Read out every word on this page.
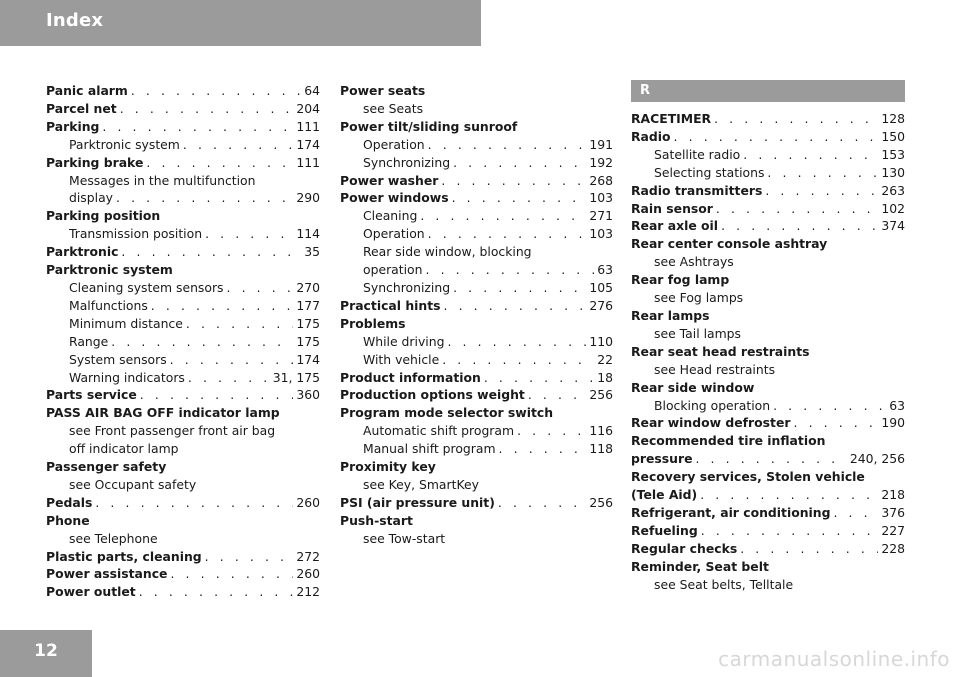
Index
Panic alarm . . .	64
Parcel net . . .	204
Parking . . .	111
Parktronic system . . .	174
Parking brake . . .	111
Messages in the multifunction
display . . .	290
Parking position
Transmission position . . .	114
Parktronic . . .	35
Parktronic system
Cleaning system sensors . . .	270
Malfunctions . . .	177
Minimum distance . . .	175
Range . . .	175
System sensors . . .	174
Warning indicators . . .	31, 175
Parts service . . .	360
PASS AIR BAG OFF indicator lamp
see Front passenger front air bag
off indicator lamp
Passenger safety
see Occupant safety
Pedals . . .	260
Phone
see Telephone
Plastic parts, cleaning . . .	272
Power assistance . . .	260
Power outlet . . .	212
Power seats
see Seats
Power tilt/sliding sunroof
Operation . . .	191
Synchronizing . . .	192
Power washer . . .	268
Power windows . . .	103
Cleaning . . .	271
Operation . . .	103
Rear side window, blocking
operation . . .	63
Synchronizing . . .	105
Practical hints . . .	276
Problems
While driving . . .	110
With vehicle . . .	22
Product information . . .	18
Production options weight . . .	256
Program mode selector switch
Automatic shift program . . .	116
Manual shift program . . .	118
Proximity key
see Key, SmartKey
PSI (air pressure unit) . . .	256
Push-start
see Tow-start
R
RACETIMER . . .	128
Radio . . .	150
Satellite radio . . .	153
Selecting stations . . .	130
Radio transmitters . . .	263
Rain sensor . . .	102
Rear axle oil . . .	374
Rear center console ashtray
see Ashtrays
Rear fog lamp
see Fog lamps
Rear lamps
see Tail lamps
Rear seat head restraints
see Head restraints
Rear side window
Blocking operation . . .	63
Rear window defroster . . .	190
Recommended tire inflation
pressure . . .	240, 256
Recovery services, Stolen vehicle
(Tele Aid) . . .	218
Refrigerant, air conditioning . . .	376
Refueling . . .	227
Regular checks . . .	228
Reminder, Seat belt
see Seat belts, Telltale
12	carmanualsonline.info
